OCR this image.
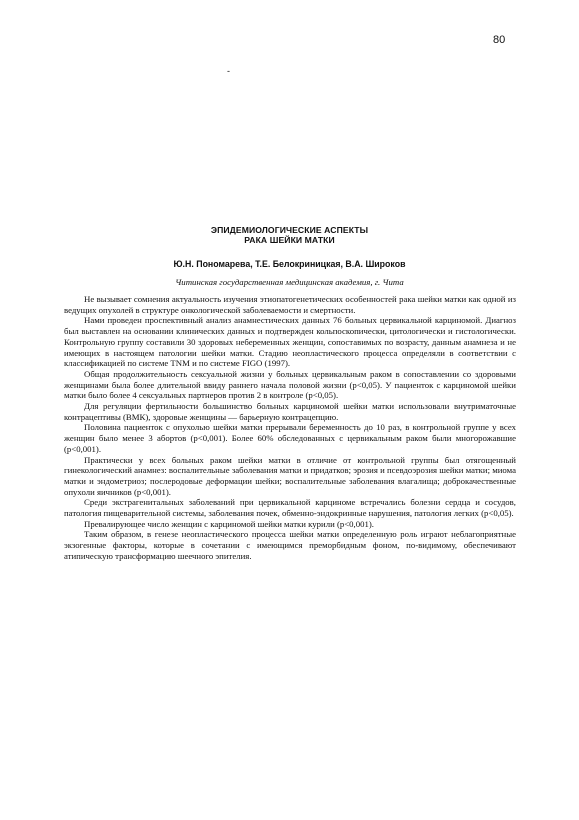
80
-
ЭПИДЕМИОЛОГИЧЕСКИЕ АСПЕКТЫ
РАКА ШЕЙКИ МАТКИ
Ю.Н. Пономарева, Т.Е. Белокриницкая, В.А. Широков
Читинская государственная медицинская академия, г. Чита

Не вызывает сомнения актуальность изучения этиопатогенетических особенностей рака шейки матки как одной из ведущих опухолей в структуре онкологической заболеваемости и смертности.

Нами проведен проспективный анализ анамнестических данных 76 больных цервикальной карциномой. Диагноз был выставлен на основании клинических данных и подтвержден кольпоскопически, цитологически и гистологически. Контрольную группу составили 30 здоровых небеременных женщин, сопоставимых по возрасту, данным анамнеза и не имеющих в настоящем патологии шейки матки. Стадию неопластического процесса определяли в соответствии с классификацией по системе TNM и по системе FIGO (1997).

Общая продолжительность сексуальной жизни у больных цервикальным раком в сопоставлении со здоровыми женщинами была более длительной ввиду раннего начала половой жизни (p<0,05). У пациенток с карциномой шейки матки было более 4 сексуальных партнеров против 2 в контроле (p<0,05).

Для регуляции фертильности большинство больных карциномой шейки матки использовали внутриматочные контрацептивы (ВМК), здоровые женщины — барьерную контрацепцию.

Половина пациенток с опухолью шейки матки прерывали беременность до 10 раз, в контрольной группе у всех женщин было менее 3 абортов (p<0,001). Более 60% обследованных с цервикальным раком были многорожавшие (p<0,001).

Практически у всех больных раком шейки матки в отличие от контрольной группы был отягощенный гинекологический анамнез: воспалительные заболевания матки и придатков; эрозия и псевдоэрозия шейки матки; миома матки и эндометриоз; послеродовые деформации шейки; воспалительные заболевания влагалища; доброкачественные опухоли яичников (p<0,001).

Среди экстрагенитальных заболеваний при цервикальной карциноме встречались болезни сердца и сосудов, патология пищеварительной системы, заболевания почек, обменно-эндокринные нарушения, патология легких (p<0,05).

Превалирующее число женщин с карциномой шейки матки курили (p<0,001).

Таким образом, в генезе неопластического процесса шейки матки определенную роль играют неблагоприятные экзогенные факторы, которые в сочетании с имеющимся преморбидным фоном, по-видимому, обеспечивают атипическую трансформацию шеечного эпителия.
